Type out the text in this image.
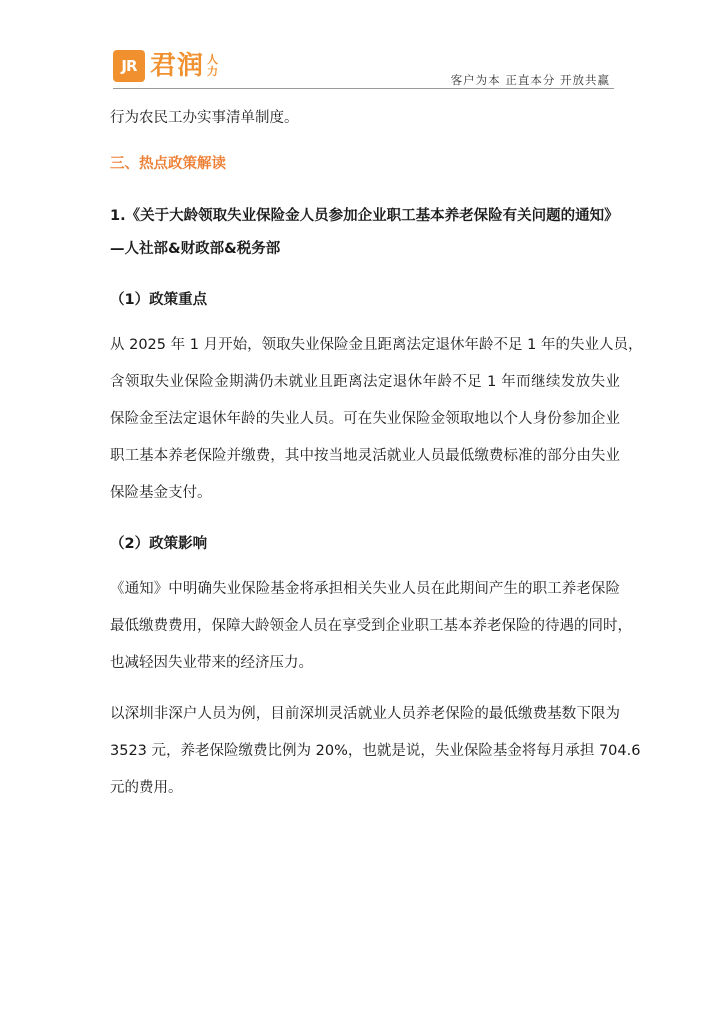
JR 君润 人
力
客户为本 正直本分 开放共赢
行为农民工办实事清单制度。
三、热点政策解读
1.《关于大龄领取失业保险金人员参加企业职工基本养老保险有关问题的通知》
—人社部&财政部&税务部
（1）政策重点
从 2025 年 1 月开始，领取失业保险金且距离法定退休年龄不足 1 年的失业人员，
含领取失业保险金期满仍未就业且距离法定退休年龄不足 1 年而继续发放失业
保险金至法定退休年龄的失业人员。可在失业保险金领取地以个人身份参加企业
职工基本养老保险并缴费，其中按当地灵活就业人员最低缴费标准的部分由失业
保险基金支付。
（2）政策影响
《通知》中明确失业保险基金将承担相关失业人员在此期间产生的职工养老保险
最低缴费费用，保障大龄领金人员在享受到企业职工基本养老保险的待遇的同时，
也减轻因失业带来的经济压力。
以深圳非深户人员为例，目前深圳灵活就业人员养老保险的最低缴费基数下限为
3523 元，养老保险缴费比例为 20%，也就是说，失业保险基金将每月承担 704.6
元的费用。
